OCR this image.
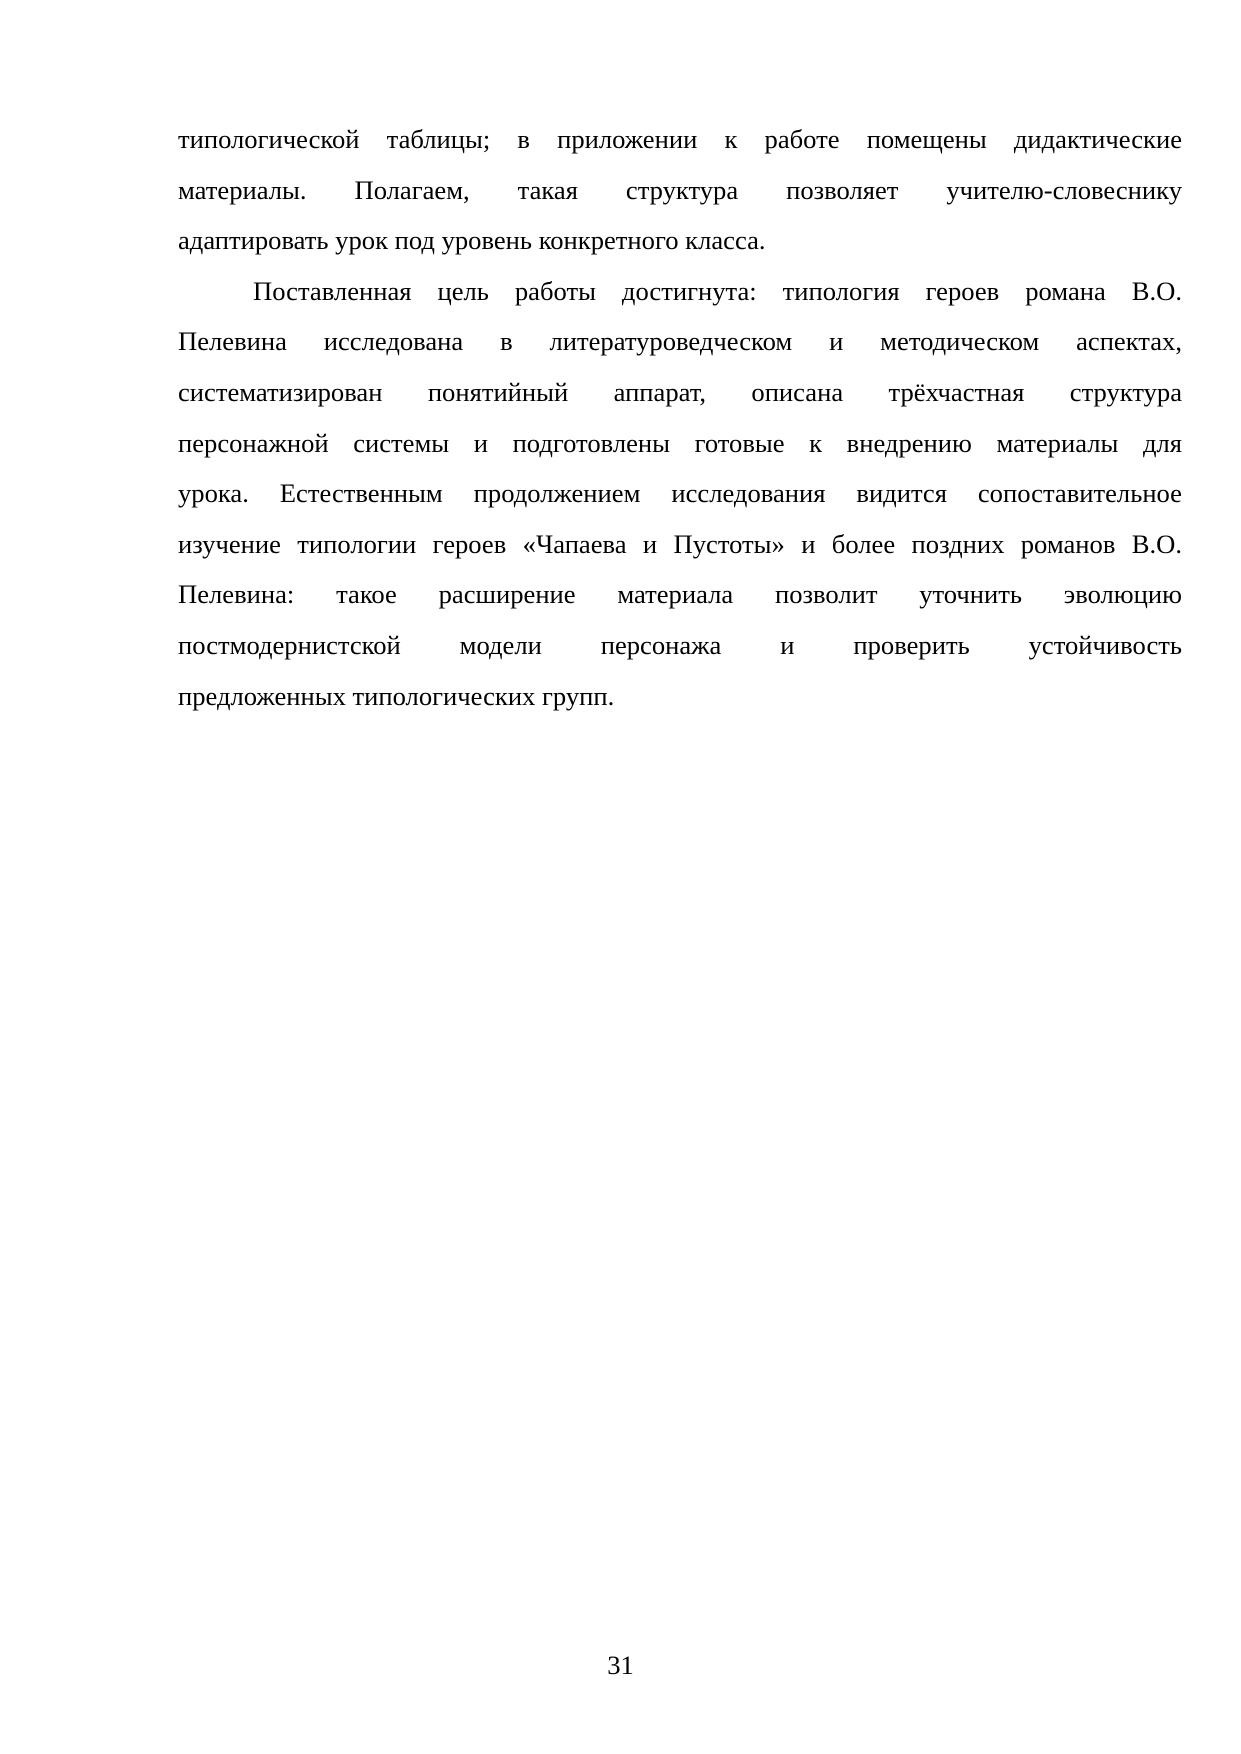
типологической таблицы; в приложении к работе помещены дидактические
материалы. Полагаем, такая структура позволяет учителю-словеснику
адаптировать урок под уровень конкретного класса.
Поставленная цель работы достигнута: типология героев романа В.О.
Пелевина исследована в литературоведческом и методическом аспектах,
систематизирован понятийный аппарат, описана трёхчастная структура
персонажной системы и подготовлены готовые к внедрению материалы для
урока. Естественным продолжением исследования видится сопоставительное
изучение типологии героев «Чапаева и Пустоты» и более поздних романов В.О.
Пелевина: такое расширение материала позволит уточнить эволюцию
постмодернистской модели персонажа и проверить устойчивость
предложенных типологических групп.
31
